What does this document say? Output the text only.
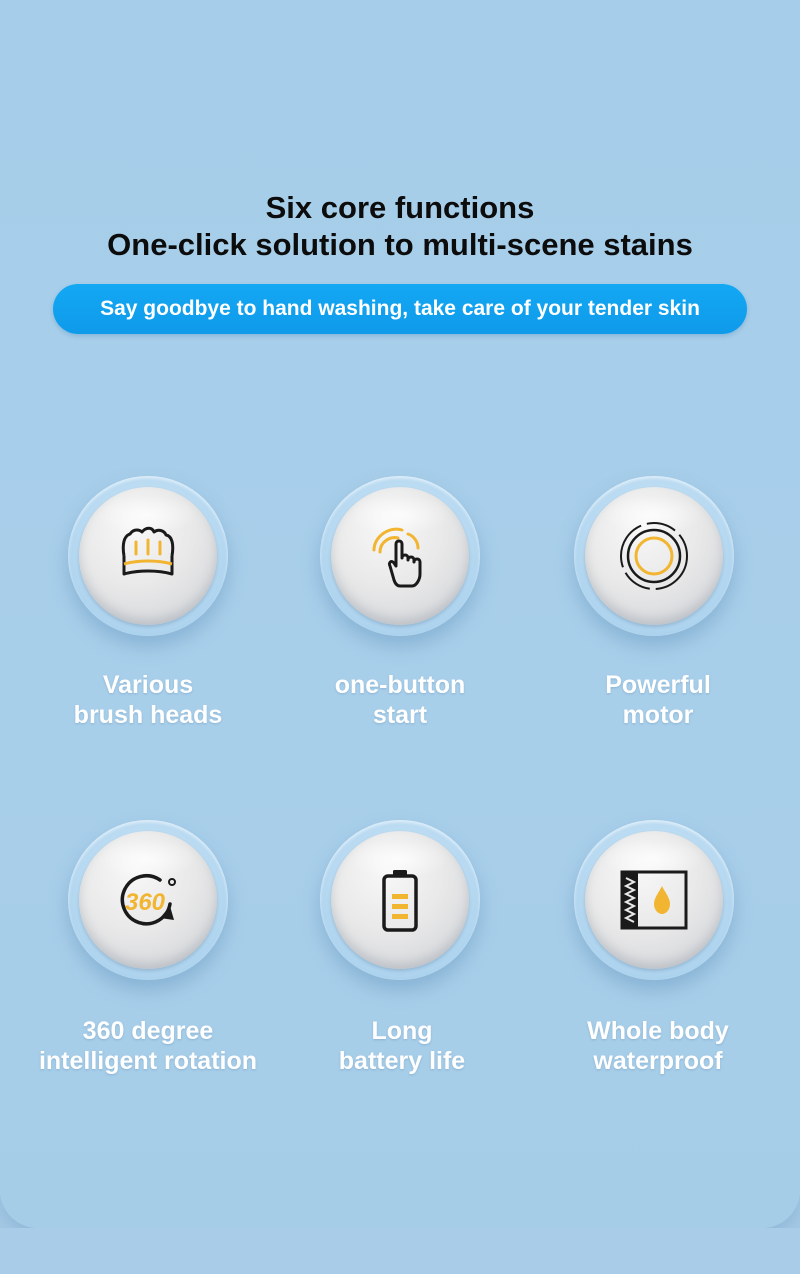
Six core functions
One-click solution to multi-scene stains
Say goodbye to hand washing, take care of your tender skin
Various
brush heads
one-button
start
Powerful
motor
360
360 degree
intelligent rotation
Long
battery life
Whole body
waterproof
